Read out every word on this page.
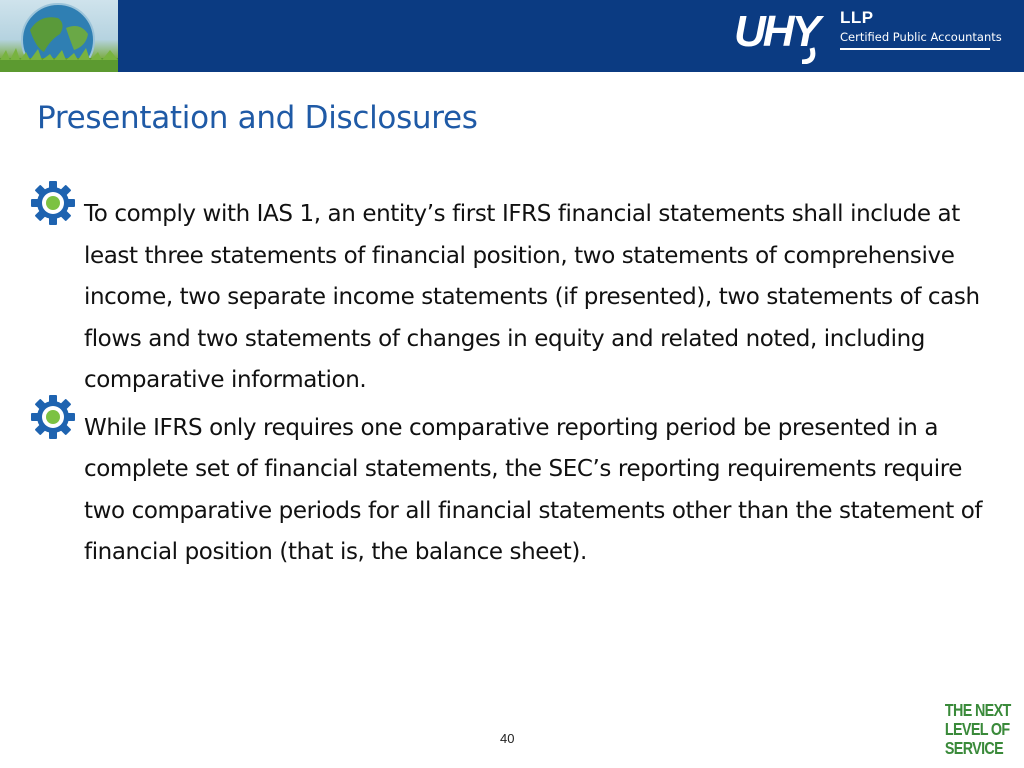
UHY	LLP
Certified Public Accountants
Presentation and Disclosures
To comply with IAS 1, an entity’s first IFRS financial statements shall include at least three statements of financial position, two statements of comprehensive income, two separate income statements (if presented), two statements of cash flows and two statements of changes in equity and related noted, including comparative information.
While IFRS only requires one comparative reporting period be presented in a complete set of financial statements, the SEC’s reporting requirements require two comparative periods for all financial statements other than the statement of financial position (that is, the balance sheet).
40
THE NEXT
LEVEL OF
SERVICE
